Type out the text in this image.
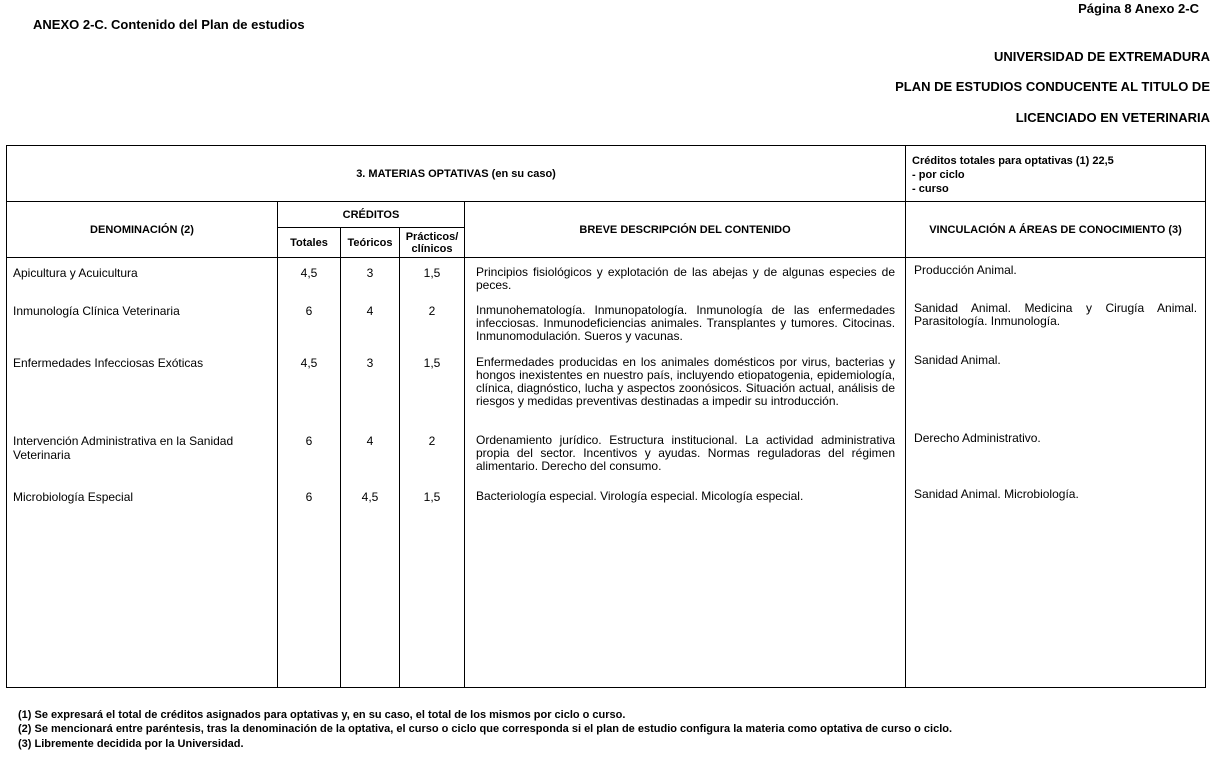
ANEXO 2-C. Contenido del Plan de estudios
Página 8 Anexo 2-C
UNIVERSIDAD DE EXTREMADURA
PLAN DE ESTUDIOS CONDUCENTE AL TITULO DE
LICENCIADO EN VETERINARIA
3. MATERIAS OPTATIVAS (en su caso)					Créditos totales para optativas (1) 22,5
- por ciclo
- curso

DENOMINACIÓN (2)	CRÉDITOS			BREVE DESCRIPCIÓN DEL CONTENIDO	VINCULACIÓN A ÁREAS DE CONOCIMIENTO (3)
	Totales	Teóricos	Prácticos/ clínicos		
Apicultura y Acuicultura	4,5	3	1,5	Principios fisiológicos y explotación de las abejas y de algunas especies de peces.	Producción Animal.
Inmunología Clínica Veterinaria	6	4	2	Inmunohematología. Inmunopatología. Inmunología de las enfermedades infecciosas. Inmunodeficiencias animales. Transplantes y tumores. Citocinas. Inmunomodulación. Sueros y vacunas.	Sanidad Animal. Medicina y Cirugía Animal. Parasitología. Inmunología.
Enfermedades Infecciosas Exóticas	4,5	3	1,5	Enfermedades producidas en los animales domésticos por virus, bacterias y hongos inexistentes en nuestro país, incluyendo etiopatogenia, epidemiología, clínica, diagnóstico, lucha y aspectos zoonósicos. Situación actual, análisis de riesgos y medidas preventivas destinadas a impedir su introducción.	Sanidad Animal.
Intervención Administrativa en la Sanidad Veterinaria	6	4	2	Ordenamiento jurídico. Estructura institucional. La actividad administrativa propia del sector. Incentivos y ayudas. Normas reguladoras del régimen alimentario. Derecho del consumo.	Derecho Administrativo.
Microbiología Especial	6	4,5	1,5	Bacteriología especial. Virología especial. Micología especial.	Sanidad Animal. Microbiología.
(1) Se expresará el total de créditos asignados para optativas y, en su caso, el total de los mismos por ciclo o curso.
(2) Se mencionará entre paréntesis, tras la denominación de la optativa, el curso o ciclo que corresponda si el plan de estudio configura la materia como optativa de curso o ciclo.
(3) Libremente decidida por la Universidad.
